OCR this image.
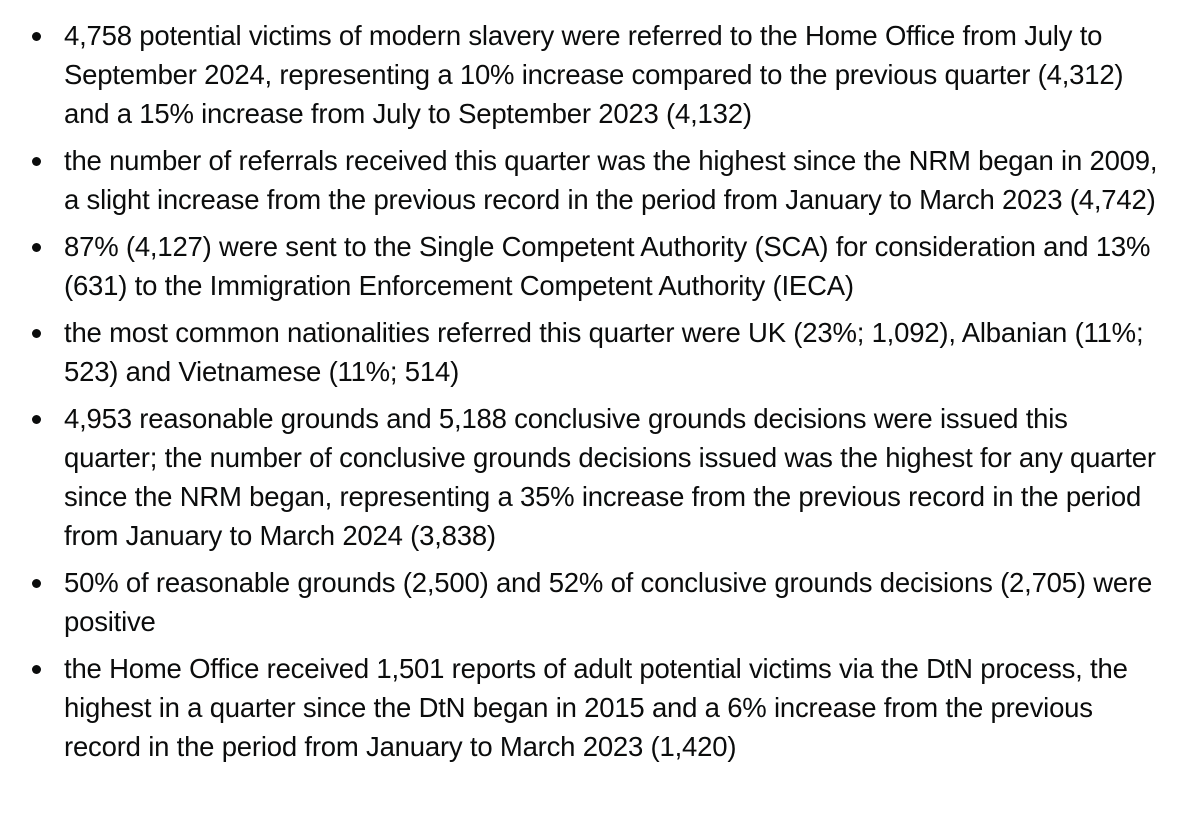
4,758 potential victims of modern slavery were referred to the Home Office from July to September 2024, representing a 10% increase compared to the previous quarter (4,312) and a 15% increase from July to September 2023 (4,132)
the number of referrals received this quarter was the highest since the NRM began in 2009, a slight increase from the previous record in the period from January to March 2023 (4,742)
87% (4,127) were sent to the Single Competent Authority (SCA) for consideration and 13% (631) to the Immigration Enforcement Competent Authority (IECA)
the most common nationalities referred this quarter were UK (23%; 1,092), Albanian (11%; 523) and Vietnamese (11%; 514)
4,953 reasonable grounds and 5,188 conclusive grounds decisions were issued this quarter; the number of conclusive grounds decisions issued was the highest for any quarter since the NRM began, representing a 35% increase from the previous record in the period from January to March 2024 (3,838)
50% of reasonable grounds (2,500) and 52% of conclusive grounds decisions (2,705) were positive
the Home Office received 1,501 reports of adult potential victims via the DtN process, the highest in a quarter since the DtN began in 2015 and a 6% increase from the previous record in the period from January to March 2023 (1,420)
